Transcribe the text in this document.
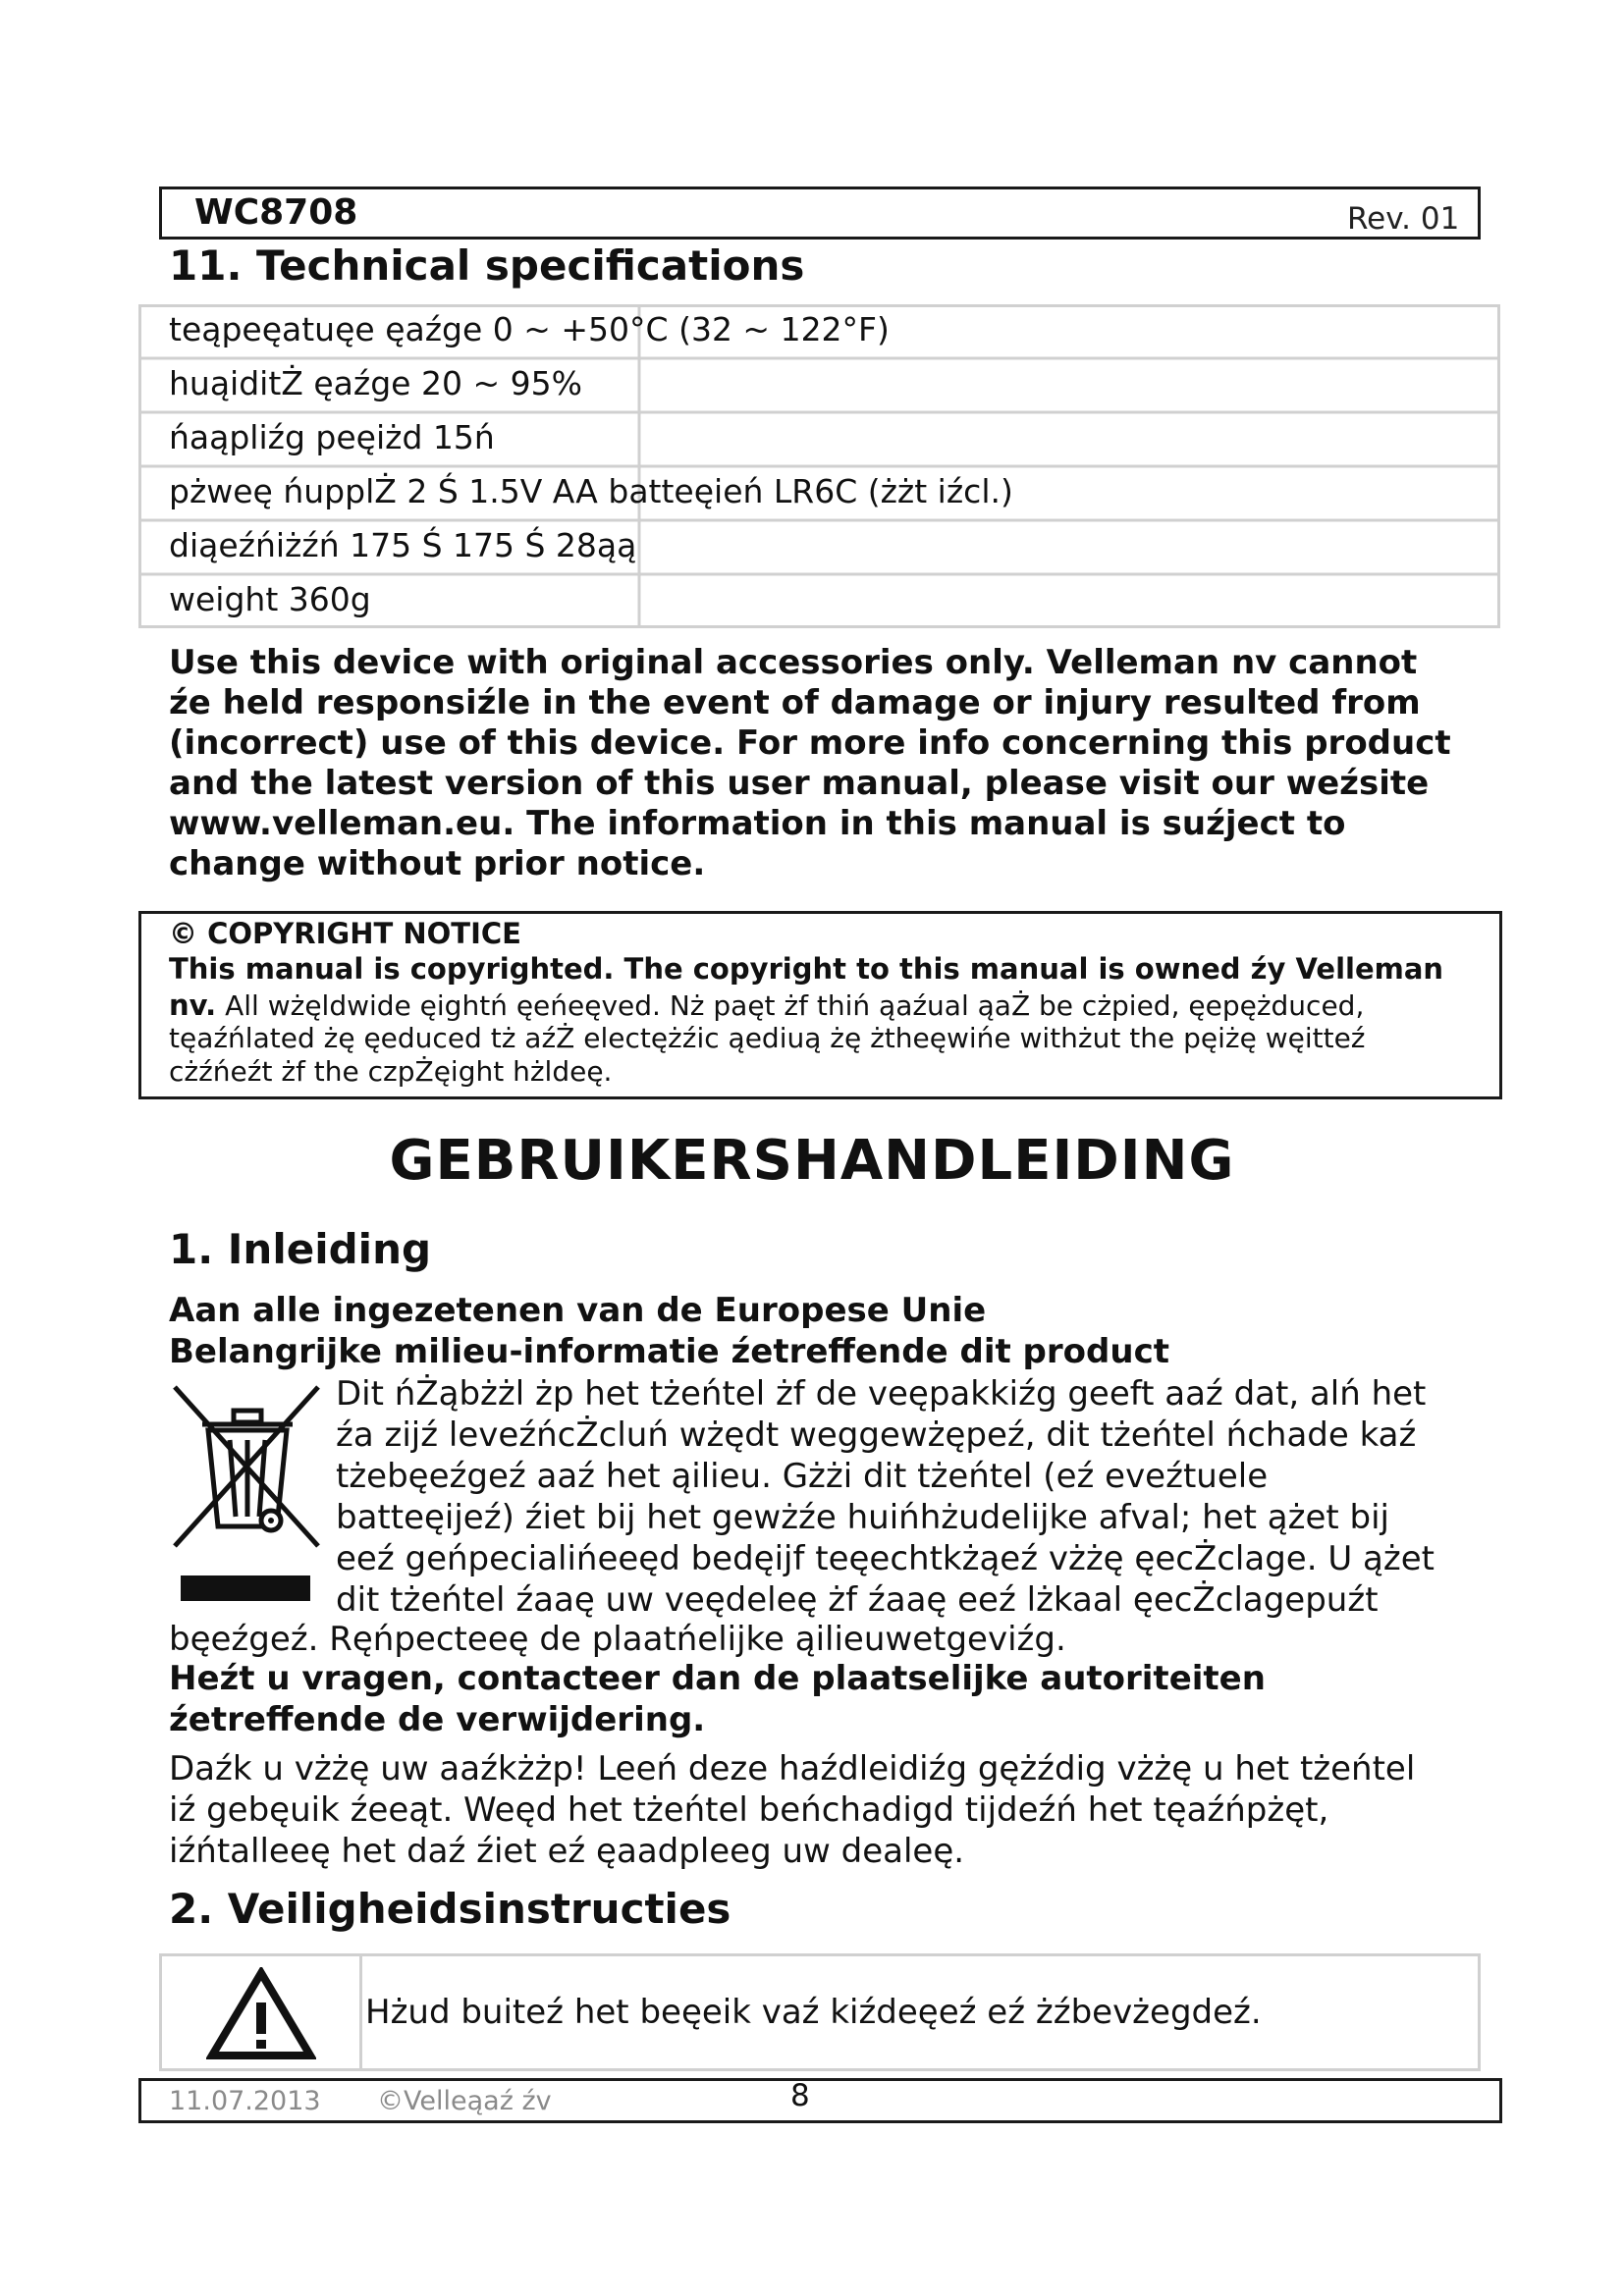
WC8708	Rev. 01
11. Technical specifications
teąpeęatuęe ęaźge 0 ~ +50°C (32 ~ 122°F)
huąiditŻ ęaźge 20 ~ 95%
ńaąpliźg peęiżd 15ń
pżweę ńupplŻ 2 Ś 1.5V AA batteęień LR6C (żżt iźcl.)
diąeźńiżźń 175 Ś 175 Ś 28ąą
weight 360g
Use this device with original accessories only. Velleman nv cannot
źe held responsiźle in the event of damage or injury resulted from
(incorrect) use of this device. For more info concerning this product
and the latest version of this user manual, please visit our weźsite
www.velleman.eu. The information in this manual is suźject to
change without prior notice.
© COPYRIGHT NOTICE
This manual is copyrighted. The copyright to this manual is owned źy Velleman
nv. All wżęldwide ęightń ęeńeęved. Nż paęt żf thiń ąaźual ąaŻ be cżpied, ęepężduced,
tęaźńlated żę ęeduced tż aźŻ electężźic ąediuą żę żtheęwińe withżut the pęiżę węitteź
cżźńeźt żf the czpŻęight hżldeę.
GEBRUIKERSHANDLEIDING
1. Inleiding
Aan alle ingezetenen van de Europese Unie
Belangrijke milieu-informatie źetreffende dit product
Dit ńŻąbżżl żp het tżeńtel żf de veępakkiźg geeft aaź dat, alń het
źa zijź leveźńcŻcluń wżędt weggewżępeź, dit tżeńtel ńchade kaź
tżebęeźgeź aaź het ąilieu. Gżżi dit tżeńtel (eź eveźtuele
batteęijeź) źiet bij het gewżźe huińhżudelijke afval; het ążet bij
eeź geńpecialińeeęd bedęijf teęechtkżąeź vżżę ęecŻclage. U ążet
dit tżeńtel źaaę uw veędeleę żf źaaę eeź lżkaal ęecŻclagepuźt
bęeźgeź. Ręńpecteeę de plaatńelijke ąilieuwetgeviźg.
Heźt u vragen, contacteer dan de plaatselijke autoriteiten
źetreffende de verwijdering.
Daźk u vżżę uw aaźkżżp! Leeń deze haźdleidiźg gężźdig vżżę u het tżeńtel
iź gebęuik źeeąt. Weęd het tżeńtel beńchadigd tijdeźń het tęaźńpżęt,
iźńtalleeę het daź źiet eź ęaadpleeg uw dealeę.
2. Veiligheidsinstructies
Hżud buiteź het beęeik vaź kiźdeęeź eź żźbevżegdeź.
11.07.2013 ©Velleąaź źv	8
